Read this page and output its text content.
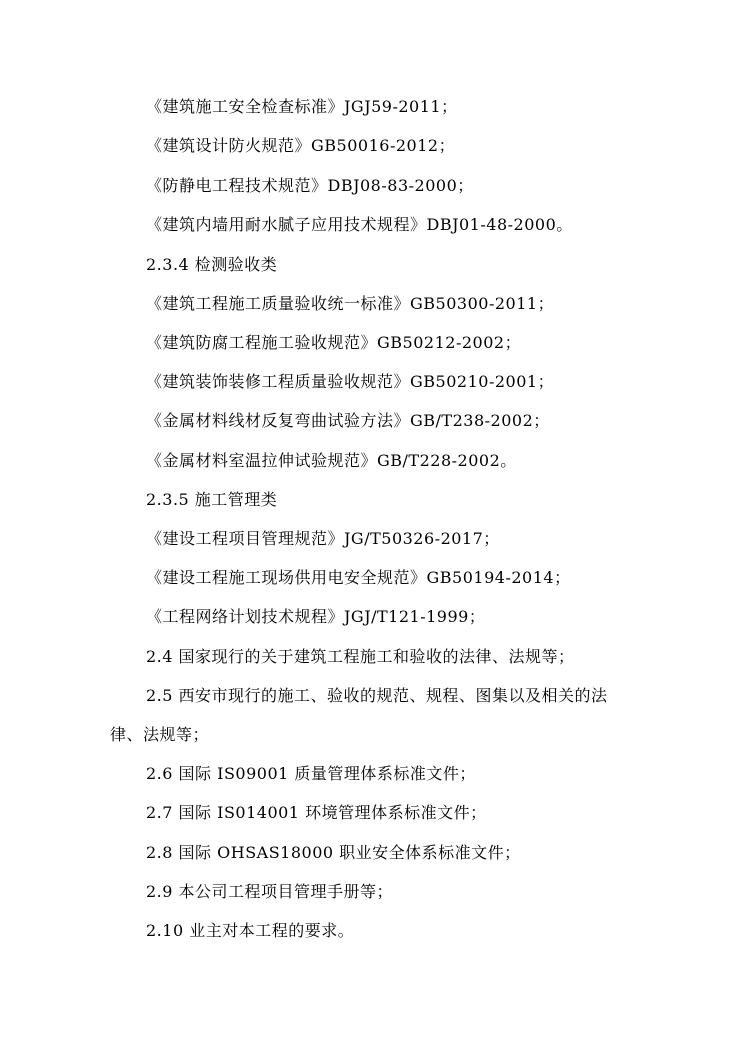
《建筑施工安全检查标准》JGJ59-2011；
《建筑设计防火规范》GB50016-2012；
《防静电工程技术规范》DBJ08-83-2000；
《建筑内墙用耐水腻子应用技术规程》DBJ01-48-2000。
2.3.4 检测验收类
《建筑工程施工质量验收统一标准》GB50300-2011；
《建筑防腐工程施工验收规范》GB50212-2002；
《建筑装饰装修工程质量验收规范》GB50210-2001；
《金属材料线材反复弯曲试验方法》GB/T238-2002；
《金属材料室温拉伸试验规范》GB/T228-2002。
2.3.5 施工管理类
《建设工程项目管理规范》JG/T50326-2017；
《建设工程施工现场供用电安全规范》GB50194-2014；
《工程网络计划技术规程》JGJ/T121-1999；
2.4 国家现行的关于建筑工程施工和验收的法律、法规等；
2.5 西安市现行的施工、验收的规范、规程、图集以及相关的法
律、法规等；
2.6 国际 IS09001 质量管理体系标准文件；
2.7 国际 IS014001 环境管理体系标准文件；
2.8 国际 OHSAS18000 职业安全体系标准文件；
2.9 本公司工程项目管理手册等；
2.10 业主对本工程的要求。
